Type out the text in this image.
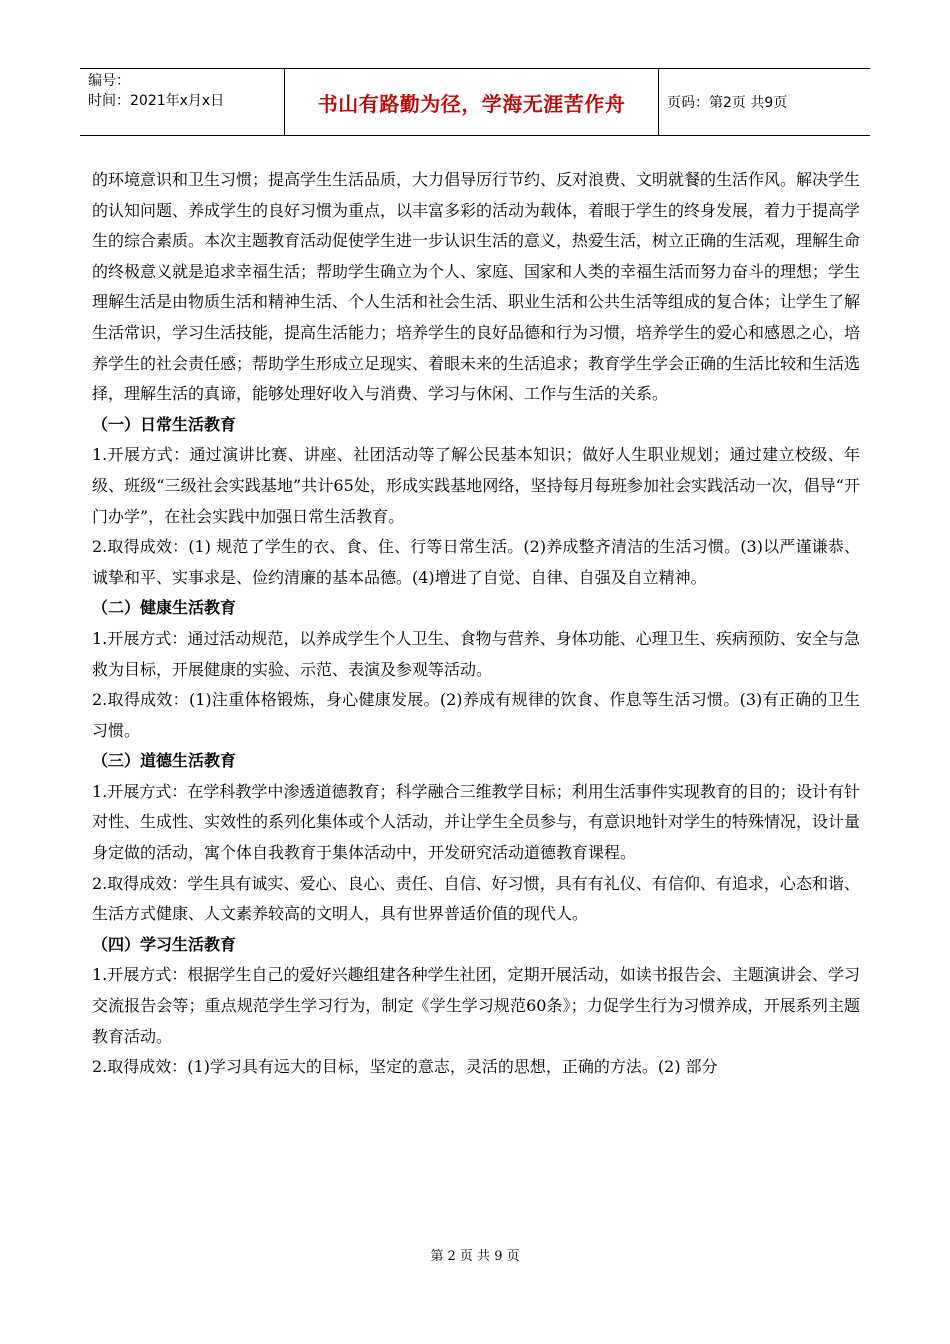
编号：
时间：2021年x月x日	书山有路勤为径，学海无涯苦作舟	页码：第2页 共9页

的环境意识和卫生习惯；提高学生生活品质，大力倡导厉行节约、反对浪费、文明就餐的生活作风。解决学生的认知问题、养成学生的良好习惯为重点，以丰富多彩的活动为载体，着眼于学生的终身发展，着力于提高学生的综合素质。本次主题教育活动促使学生进一步认识生活的意义，热爱生活，树立正确的生活观，理解生命的终极意义就是追求幸福生活；帮助学生确立为个人、家庭、国家和人类的幸福生活而努力奋斗的理想；学生理解生活是由物质生活和精神生活、个人生活和社会生活、职业生活和公共生活等组成的复合体；让学生了解生活常识，学习生活技能，提高生活能力；培养学生的良好品德和行为习惯，培养学生的爱心和感恩之心，培养学生的社会责任感；帮助学生形成立足现实、着眼未来的生活追求；教育学生学会正确的生活比较和生活选择，理解生活的真谛，能够处理好收入与消费、学习与休闲、工作与生活的关系。

（一）日常生活教育

1.开展方式：通过演讲比赛、讲座、社团活动等了解公民基本知识；做好人生职业规划；通过建立校级、年级、班级“三级社会实践基地”共计65处，形成实践基地网络，坚持每月每班参加社会实践活动一次，倡导“开门办学”，在社会实践中加强日常生活教育。

2.取得成效：(1) 规范了学生的衣、食、住、行等日常生活。(2)养成整齐清洁的生活习惯。(3)以严谨谦恭、诚挚和平、实事求是、俭约清廉的基本品德。(4)增进了自觉、自律、自强及自立精神。

（二）健康生活教育

1.开展方式：通过活动规范，以养成学生个人卫生、食物与营养、身体功能、心理卫生、疾病预防、安全与急救为目标，开展健康的实验、示范、表演及参观等活动。

2.取得成效：(1)注重体格锻炼，身心健康发展。(2)养成有规律的饮食、作息等生活习惯。(3)有正确的卫生习惯。

（三）道德生活教育

1.开展方式：在学科教学中渗透道德教育；科学融合三维教学目标；利用生活事件实现教育的目的；设计有针对性、生成性、实效性的系列化集体或个人活动，并让学生全员参与，有意识地针对学生的特殊情况，设计量身定做的活动，寓个体自我教育于集体活动中，开发研究活动道德教育课程。

2.取得成效：学生具有诚实、爱心、良心、责任、自信、好习惯，具有有礼仪、有信仰、有追求，心态和谐、生活方式健康、人文素养较高的文明人，具有世界普适价值的现代人。

（四）学习生活教育

1.开展方式：根据学生自己的爱好兴趣组建各种学生社团，定期开展活动，如读书报告会、主题演讲会、学习交流报告会等；重点规范学生学习行为，制定《学生学习规范60条》；力促学生行为习惯养成，开展系列主题教育活动。

2.取得成效：(1)学习具有远大的目标，坚定的意志，灵活的思想，正确的方法。(2) 部分

第 2 页 共 9 页
